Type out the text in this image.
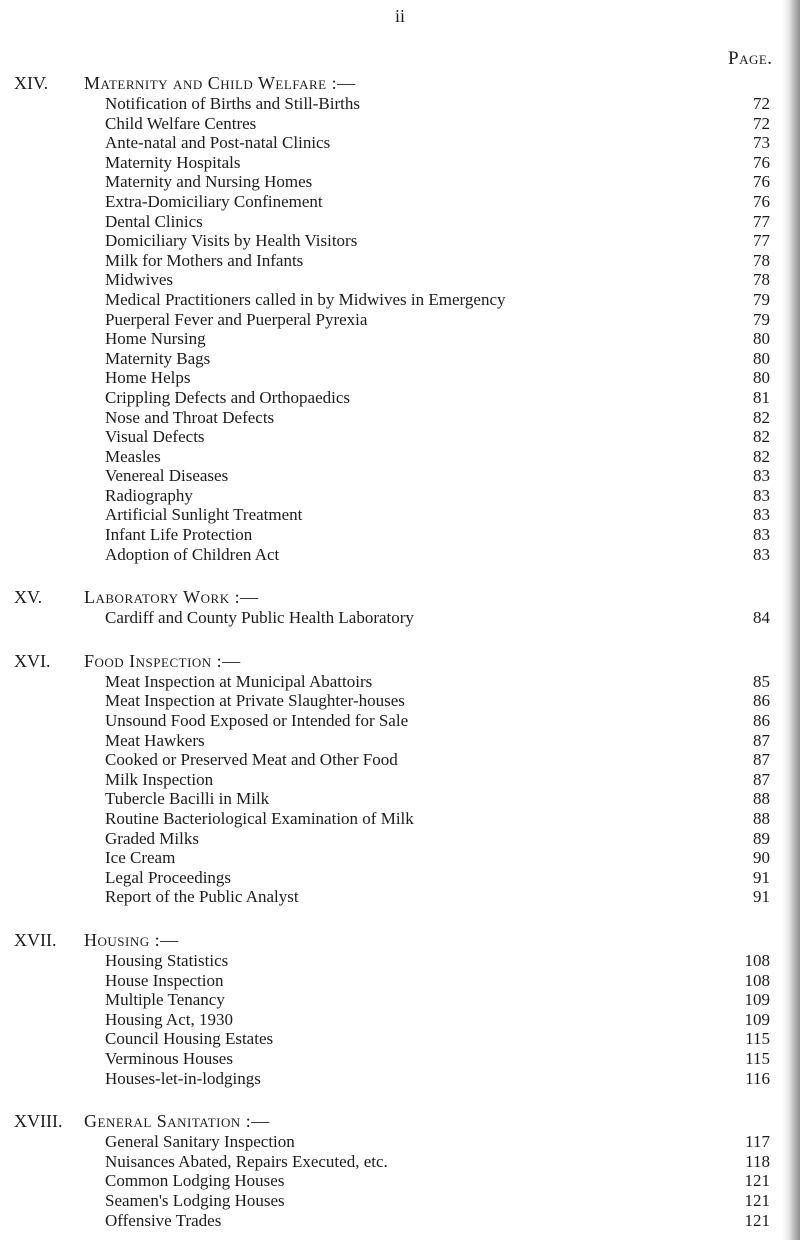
ii
Page.
XIV.	Maternity and Child Welfare :—
Notification of Births and Still-Births	72
Child Welfare Centres	72
Ante-natal and Post-natal Clinics	73
Maternity Hospitals	76
Maternity and Nursing Homes	76
Extra-Domiciliary Confinement	76
Dental Clinics	77
Domiciliary Visits by Health Visitors	77
Milk for Mothers and Infants	78
Midwives	78
Medical Practitioners called in by Midwives in Emergency	79
Puerperal Fever and Puerperal Pyrexia	79
Home Nursing	80
Maternity Bags	80
Home Helps	80
Crippling Defects and Orthopaedics	81
Nose and Throat Defects	82
Visual Defects	82
Measles	82
Venereal Diseases	83
Radiography	83
Artificial Sunlight Treatment	83
Infant Life Protection	83
Adoption of Children Act	83
XV.	Laboratory Work :—
Cardiff and County Public Health Laboratory	84
XVI.	Food Inspection :—
Meat Inspection at Municipal Abattoirs	85
Meat Inspection at Private Slaughter-houses	86
Unsound Food Exposed or Intended for Sale	86
Meat Hawkers	87
Cooked or Preserved Meat and Other Food	87
Milk Inspection	87
Tubercle Bacilli in Milk	88
Routine Bacteriological Examination of Milk	88
Graded Milks	89
Ice Cream	90
Legal Proceedings	91
Report of the Public Analyst	91
XVII.	Housing :—
Housing Statistics	108
House Inspection	108
Multiple Tenancy	109
Housing Act, 1930	109
Council Housing Estates	115
Verminous Houses	115
Houses-let-in-lodgings	116
XVIII.	General Sanitation :—
General Sanitary Inspection	117
Nuisances Abated, Repairs Executed, etc.	118
Common Lodging Houses	121
Seamen's Lodging Houses	121
Offensive Trades	121
